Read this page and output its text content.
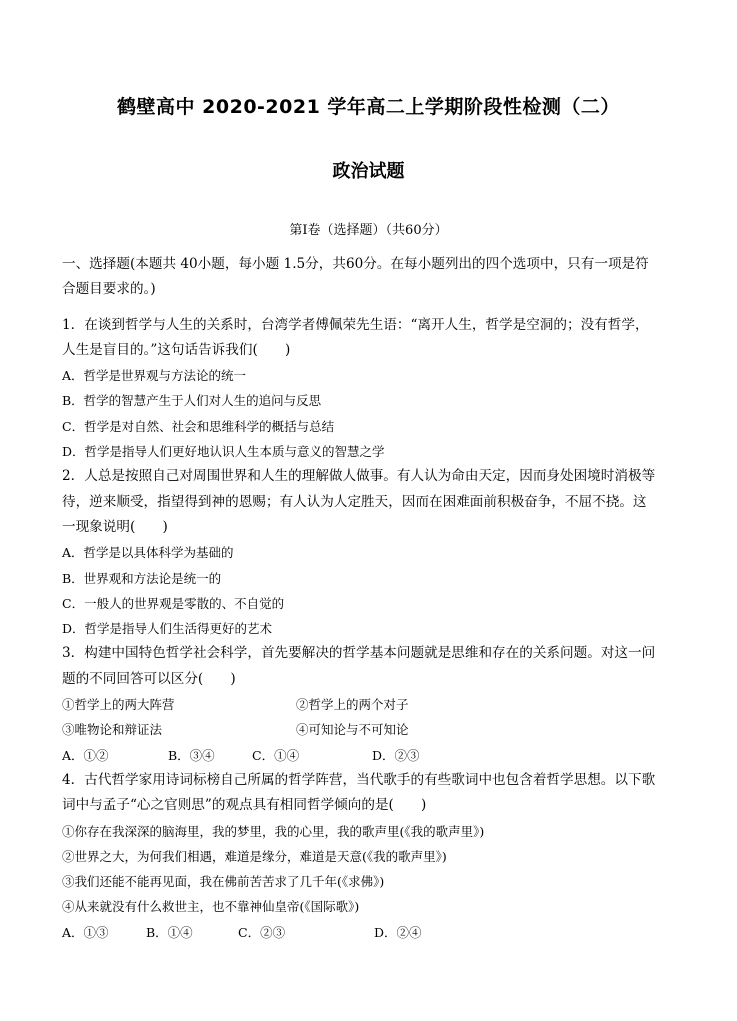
鹤壁高中 2020-2021 学年高二上学期阶段性检测（二）
政治试题
第Ⅰ卷（选择题）（共60分）
一、选择题(本题共 40小题，每小题 1.5分，共60分。在每小题列出的四个选项中，只有一项是符
合题目要求的。)
1．在谈到哲学与人生的关系时，台湾学者傅佩荣先生语：“离开人生，哲学是空洞的；没有哲学，
人生是盲目的。”这句话告诉我们(　　)
A．哲学是世界观与方法论的统一
B．哲学的智慧产生于人们对人生的追问与反思
C．哲学是对自然、社会和思维科学的概括与总结
D．哲学是指导人们更好地认识人生本质与意义的智慧之学
2．人总是按照自己对周围世界和人生的理解做人做事。有人认为命由天定，因而身处困境时消极等
待，逆来顺受，指望得到神的恩赐；有人认为人定胜天，因而在困难面前积极奋争，不屈不挠。这
一现象说明(　　)
A．哲学是以具体科学为基础的
B．世界观和方法论是统一的
C．一般人的世界观是零散的、不自觉的
D．哲学是指导人们生活得更好的艺术
3．构建中国特色哲学社会科学，首先要解决的哲学基本问题就是思维和存在的关系问题。对这一问
题的不同回答可以区分(　　)
①哲学上的两大阵营	②哲学上的两个对子
③唯物论和辩证法	④可知论与不可知论
A．①②	B．③④	C．①④	D．②③
4．古代哲学家用诗词标榜自己所属的哲学阵营，当代歌手的有些歌词中也包含着哲学思想。以下歌
词中与孟子“心之官则思”的观点具有相同哲学倾向的是(　　)
①你存在我深深的脑海里，我的梦里，我的心里，我的歌声里(《我的歌声里》)
②世界之大，为何我们相遇，难道是缘分，难道是天意(《我的歌声里》)
③我们还能不能再见面，我在佛前苦苦求了几千年(《求佛》)
④从来就没有什么救世主，也不靠神仙皇帝(《国际歌》)
A．①③	B．①④	C．②③	D．②④
